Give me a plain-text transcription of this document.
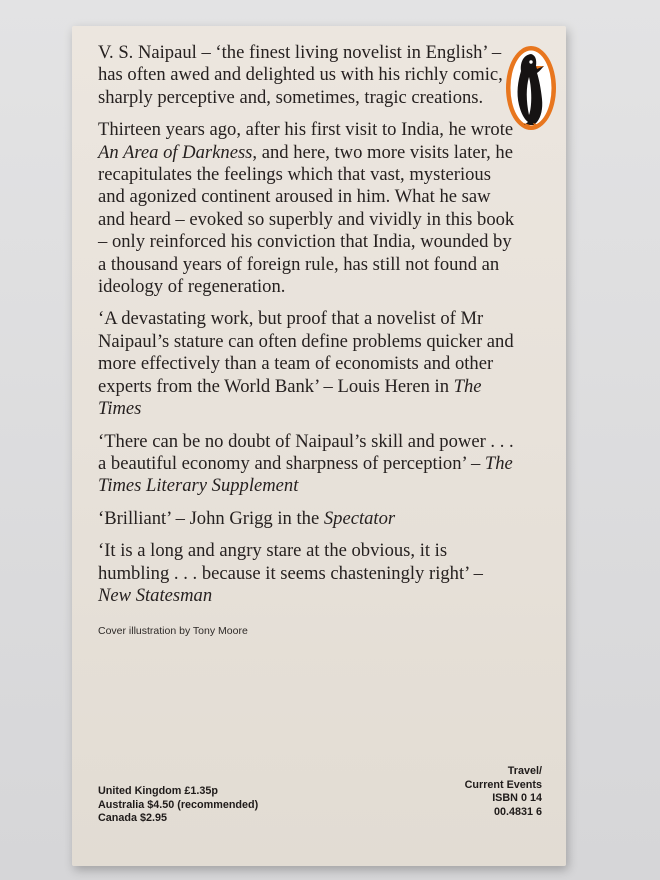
V. S. Naipaul – ‘the finest living novelist in English’ – has often awed and delighted us with his richly comic, sharply perceptive and, sometimes, tragic creations.

Thirteen years ago, after his first visit to India, he wrote An Area of Darkness, and here, two more visits later, he recapitulates the feelings which that vast, mysterious and agonized continent aroused in him. What he saw and heard – evoked so superbly and vividly in this book – only reinforced his conviction that India, wounded by a thousand years of foreign rule, has still not found an ideology of regeneration.

‘A devastating work, but proof that a novelist of Mr Naipaul’s stature can often define problems quicker and more effectively than a team of economists and other experts from the World Bank’ – Louis Heren in The Times

‘There can be no doubt of Naipaul’s skill and power . . . a beautiful economy and sharpness of perception’ – The Times Literary Supplement

‘Brilliant’ – John Grigg in the Spectator

‘It is a long and angry stare at the obvious, it is humbling . . . because it seems chasteningly right’ – New Statesman

Cover illustration by Tony Moore
United Kingdom £1.35p
Australia $4.50 (recommended)
Canada $2.95
Travel/
Current Events
ISBN 0 14
00.4831 6
